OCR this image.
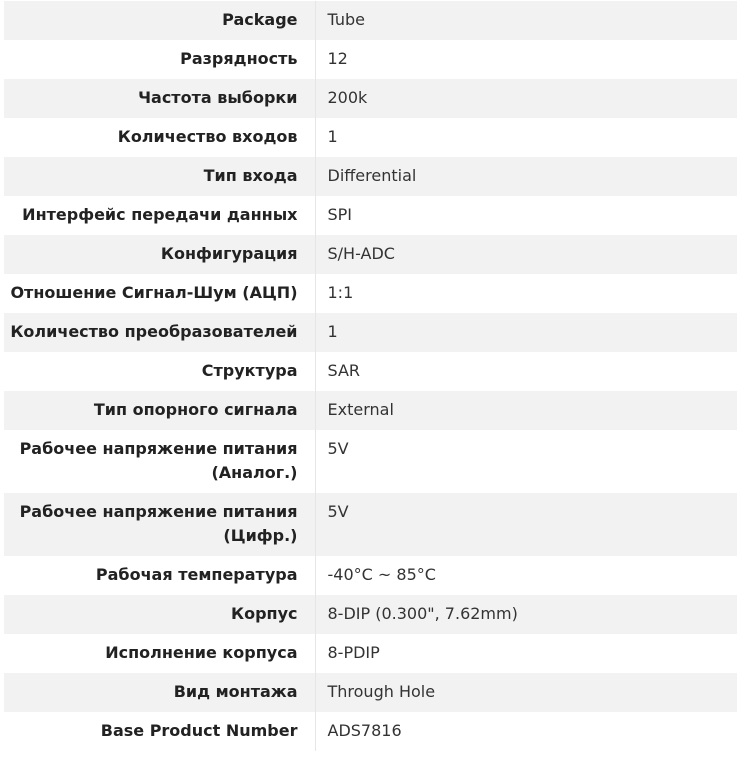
Package	Tube
Разрядность	12
Частота выборки	200k
Количество входов	1
Тип входа	Differential
Интерфейс передачи данных	SPI
Конфигурация	S/H-ADC
Отношение Сигнал-Шум (АЦП)	1:1
Количество преобразователей	1
Структура	SAR
Тип опорного сигнала	External
Рабочее напряжение питания (Аналог.)	5V
Рабочее напряжение питания (Цифр.)	5V
Рабочая температура	-40°C ~ 85°C
Корпус	8-DIP (0.300", 7.62mm)
Исполнение корпуса	8-PDIP
Вид монтажа	Through Hole
Base Product Number	ADS7816
